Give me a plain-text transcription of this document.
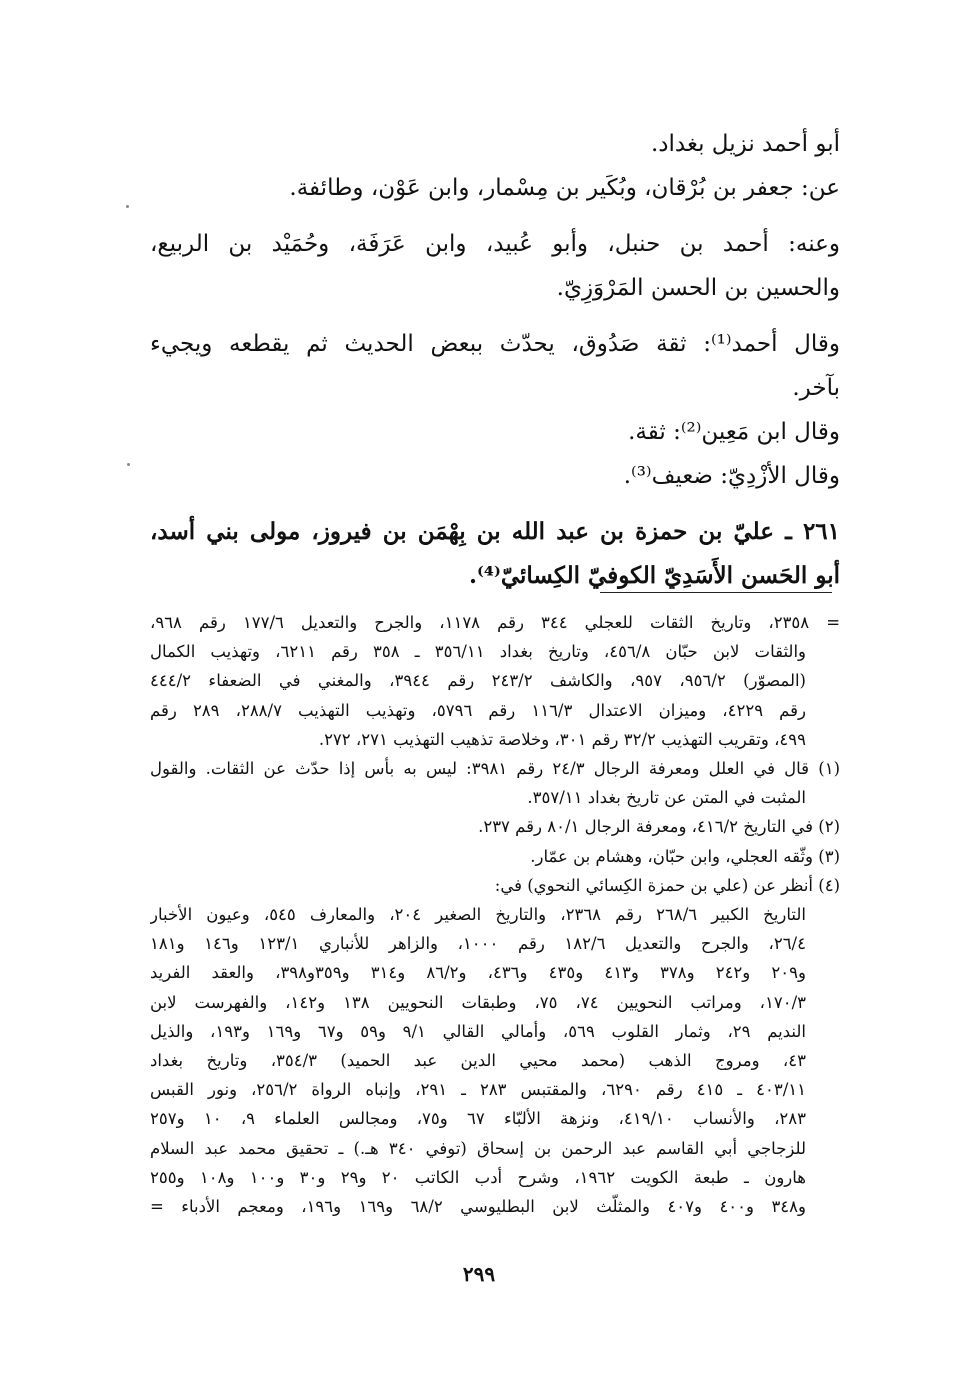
أبو أحمد نزيل بغداد.
عن: جعفر بن بُرْقان، وبُكَير بن مِسْمار، وابن عَوْن، وطائفة.
وعنه: أحمد بن حنبل، وأبو عُبيد، وابن عَرَفَة، وحُمَيْد بن الربيع،
والحسين بن الحسن المَرْوَزِيّ.
وقال أحمد⁽¹⁾: ثقة صَدُوق، يحدّث ببعض الحديث ثم يقطعه ويجيء
بآخر.
وقال ابن مَعِين⁽²⁾: ثقة.
وقال الأزْدِيّ: ضعيف⁽³⁾.
٢٦١ ـ عليّ بن حمزة بن عبد الله بن بِهْمَن بن فيروز، مولى بني أسد،
أبو الحَسن الأَسَدِيّ الكوفيّ الكِسائيّ⁽⁴⁾.
= ٢٣٥٨، وتاريخ الثقات للعجلي ٣٤٤ رقم ١١٧٨، والجرح والتعديل ١٧٧/٦ رقم ٩٦٨،
والثقات لابن حبّان ٤٥٦/٨، وتاريخ بغداد ٣٥٦/١١ ـ ٣٥٨ رقم ٦٢١١، وتهذيب الكمال
(المصوّر) ٩٥٦/٢، ٩٥٧، والكاشف ٢٤٣/٢ رقم ٣٩٤٤، والمغني في الضعفاء ٤٤٤/٢
رقم ٤٢٢٩، وميزان الاعتدال ١١٦/٣ رقم ٥٧٩٦، وتهذيب التهذيب ٢٨٨/٧، ٢٨٩ رقم
٤٩٩، وتقريب التهذيب ٣٢/٢ رقم ٣٠١، وخلاصة تذهيب التهذيب ٢٧١، ٢٧٢.
(١) قال في العلل ومعرفة الرجال ٢٤/٣ رقم ٣٩٨١: ليس به بأس إذا حدّث عن الثقات. والقول
المثبت في المتن عن تاريخ بغداد ٣٥٧/١١.
(٢) في التاريخ ٤١٦/٢، ومعرفة الرجال ٨٠/١ رقم ٢٣٧.
(٣) وثّقه العجلي، وابن حبّان، وهشام بن عمّار.
(٤) أنظر عن (علي بن حمزة الكِسائي النحوي) في:
التاريخ الكبير ٢٦٨/٦ رقم ٢٣٦٨، والتاريخ الصغير ٢٠٤، والمعارف ٥٤٥، وعيون الأخبار
٢٦/٤، والجرح والتعديل ١٨٢/٦ رقم ١٠٠٠، والزاهر للأنباري ١٢٣/١ و١٤٦ و١٨١
و٢٠٩ و٢٤٢ و٣٧٨ و٤١٣ و٤٣٥ و٤٣٦، و٨٦/٢ و٣١٤ و٣٥٩و٣٩٨، والعقد الفريد
١٧٠/٣، ومراتب النحويين ٧٤، ٧٥، وطبقات النحويين ١٣٨ و١٤٢، والفهرست لابن
النديم ٢٩، وثمار القلوب ٥٦٩، وأمالي القالي ٩/١ و٥٩ و٦٧ و١٦٩ و١٩٣، والذيل
٤٣، ومروج الذهب (محمد محيي الدين عبد الحميد) ٣٥٤/٣، وتاريخ بغداد
٤٠٣/١١ ـ ٤١٥ رقم ٦٢٩٠، والمقتبس ٢٨٣ ـ ٢٩١، وإنباه الرواة ٢٥٦/٢، ونور القبس
٢٨٣، والأنساب ٤١٩/١٠، ونزهة الألبّاء ٦٧ و٧٥، ومجالس العلماء ٩، ١٠ و٢٥٧
للزجاجي أبي القاسم عبد الرحمن بن إسحاق (توفي ٣٤٠ هـ.) ـ تحقيق محمد عبد السلام
هارون ـ طبعة الكويت ١٩٦٢، وشرح أدب الكاتب ٢٠ و٢٩ و٣٠ و١٠٠ و١٠٨ و٢٥٥
و٣٤٨ و٤٠٠ و٤٠٧ والمثلّث لابن البطليوسي ٦٨/٢ و١٦٩ و١٩٦، ومعجم الأدباء =
٢٩٩
